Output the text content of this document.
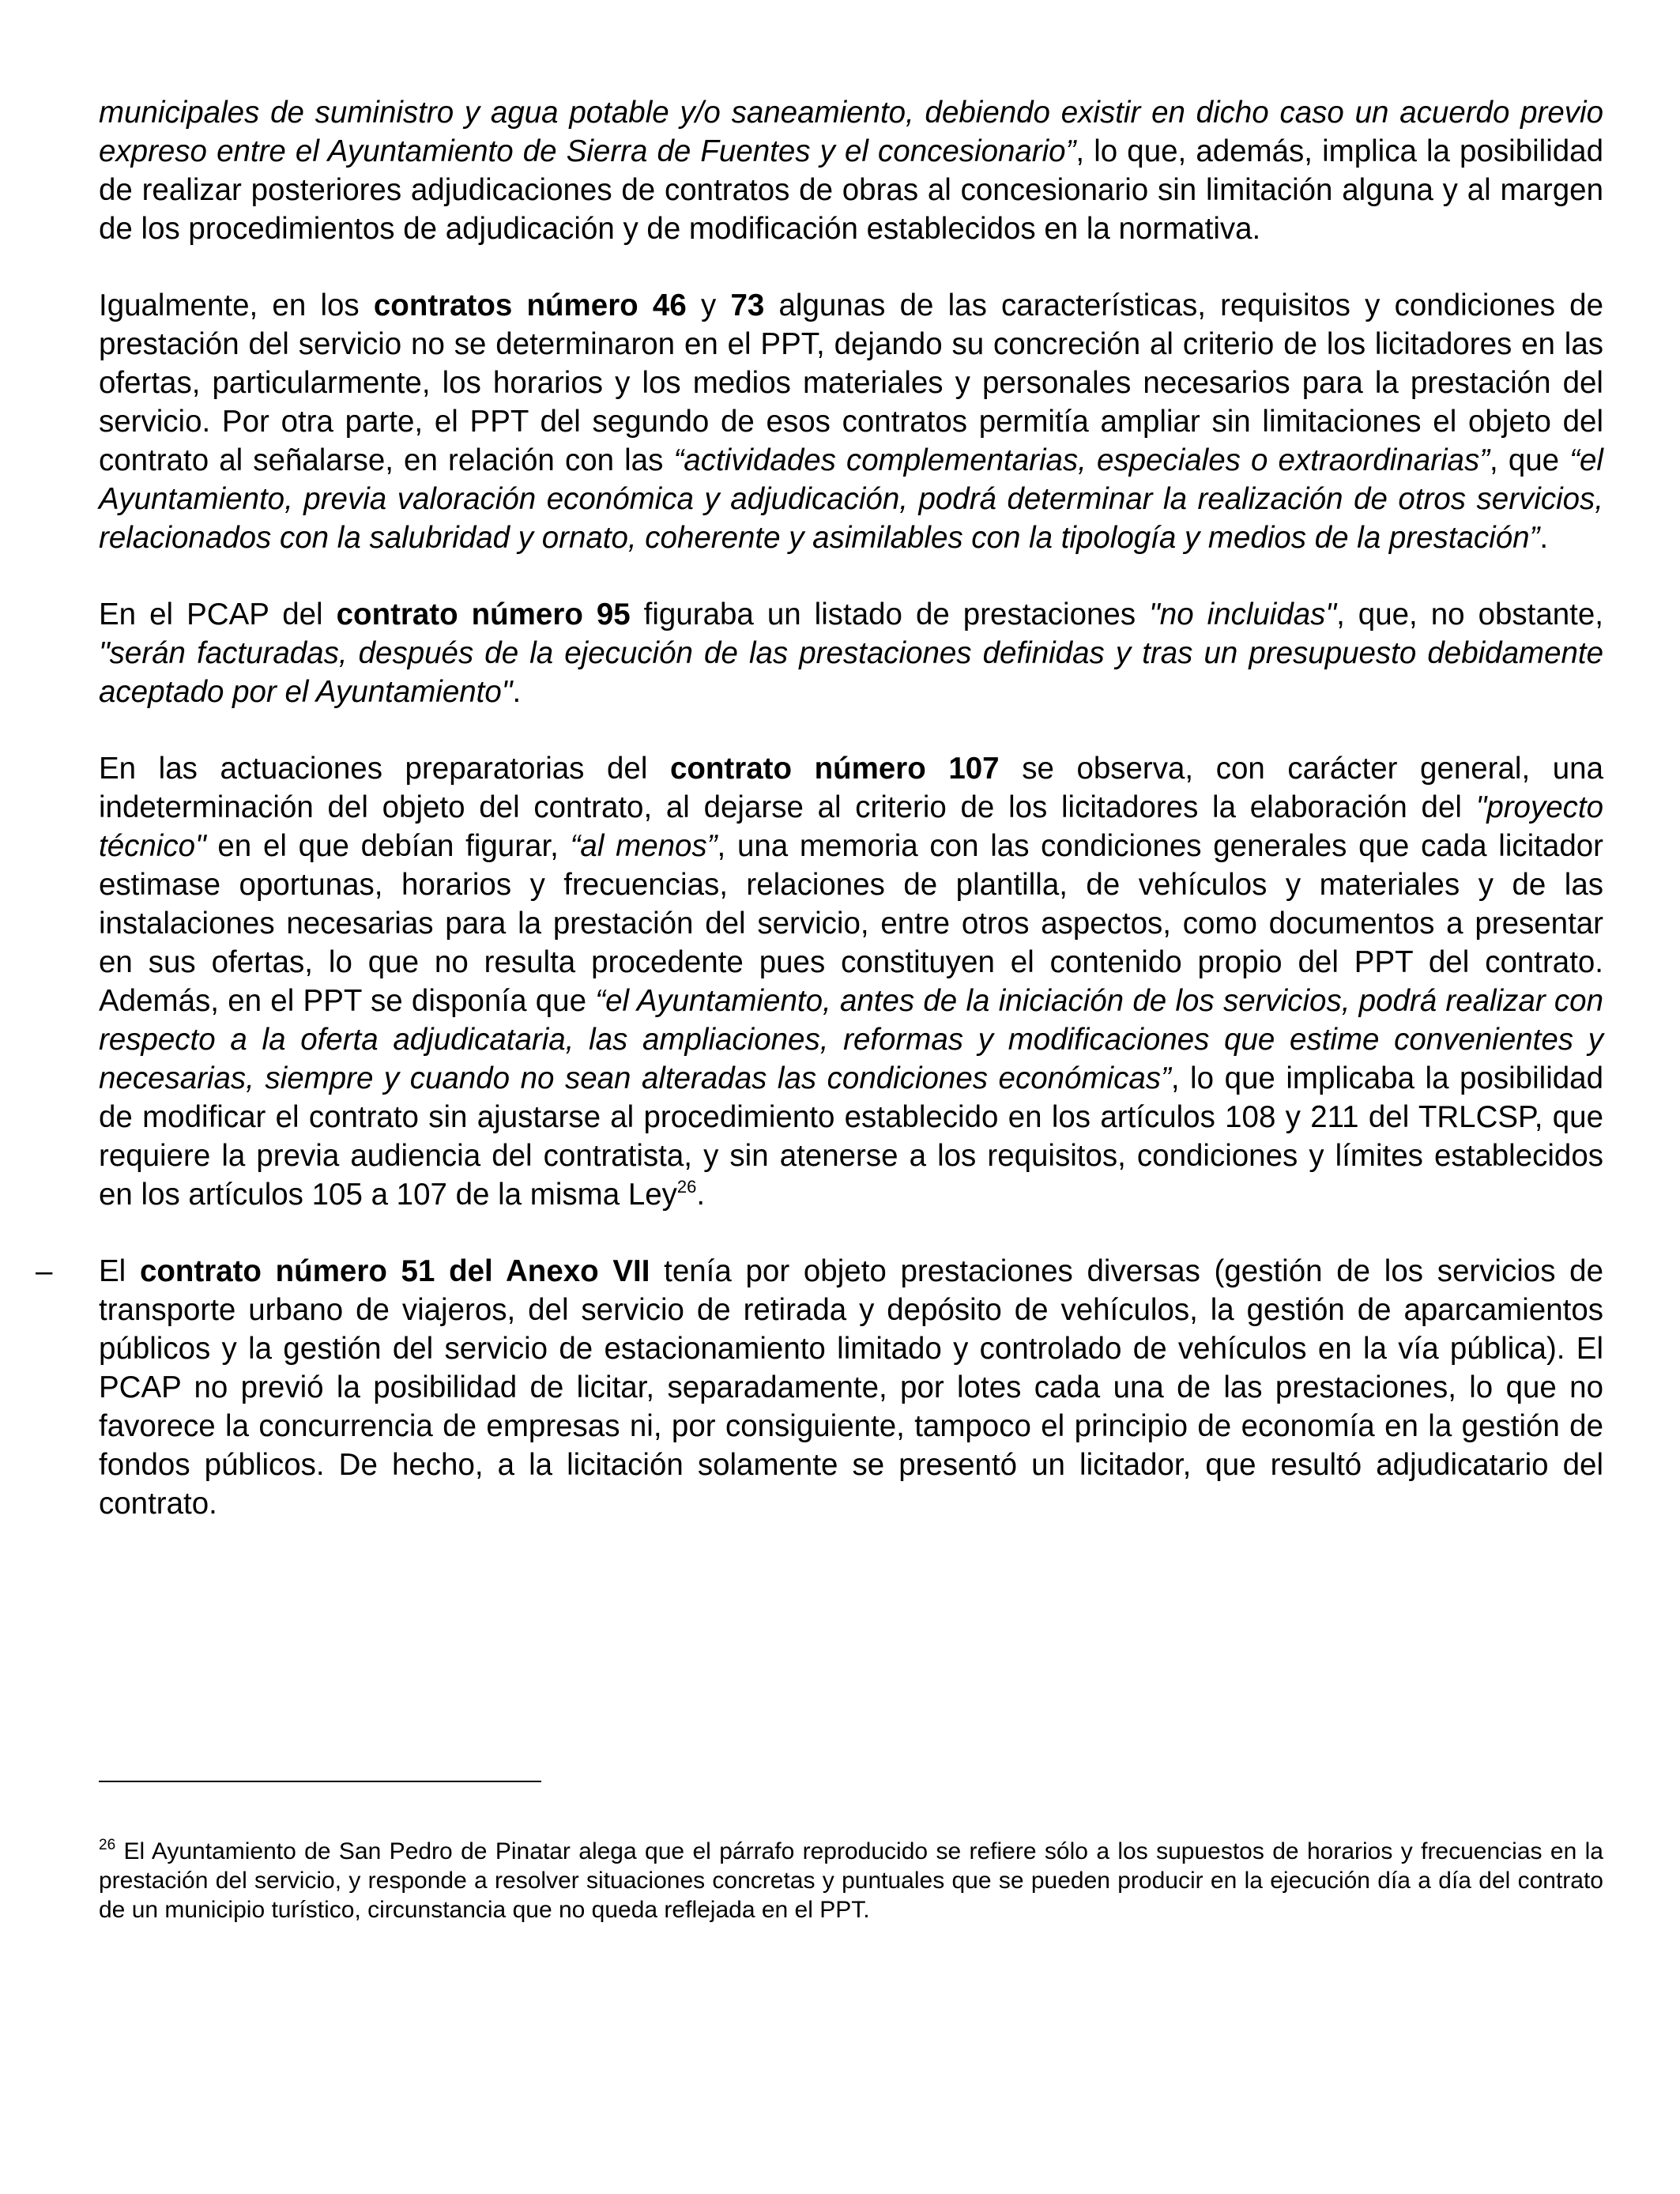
municipales de suministro y agua potable y/o saneamiento, debiendo existir en dicho caso un acuerdo previo expreso entre el Ayuntamiento de Sierra de Fuentes y el concesionario”, lo que, además, implica la posibilidad de realizar posteriores adjudicaciones de contratos de obras al concesionario sin limitación alguna y al margen de los procedimientos de adjudicación y de modificación establecidos en la normativa.

Igualmente, en los contratos número 46 y 73 algunas de las características, requisitos y condiciones de prestación del servicio no se determinaron en el PPT, dejando su concreción al criterio de los licitadores en las ofertas, particularmente, los horarios y los medios materiales y personales necesarios para la prestación del servicio. Por otra parte, el PPT del segundo de esos contratos permitía ampliar sin limitaciones el objeto del contrato al señalarse, en relación con las “actividades complementarias, especiales o extraordinarias”, que “el Ayuntamiento, previa valoración económica y adjudicación, podrá determinar la realización de otros servicios, relacionados con la salubridad y ornato, coherente y asimilables con la tipología y medios de la prestación”.

En el PCAP del contrato número 95 figuraba un listado de prestaciones "no incluidas", que, no obstante, "serán facturadas, después de la ejecución de las prestaciones definidas y tras un presupuesto debidamente aceptado por el Ayuntamiento".

En las actuaciones preparatorias del contrato número 107 se observa, con carácter general, una indeterminación del objeto del contrato, al dejarse al criterio de los licitadores la elaboración del "proyecto técnico" en el que debían figurar, “al menos”, una memoria con las condiciones generales que cada licitador estimase oportunas, horarios y frecuencias, relaciones de plantilla, de vehículos y materiales y de las instalaciones necesarias para la prestación del servicio, entre otros aspectos, como documentos a presentar en sus ofertas, lo que no resulta procedente pues constituyen el contenido propio del PPT del contrato. Además, en el PPT se disponía que “el Ayuntamiento, antes de la iniciación de los servicios, podrá realizar con respecto a la oferta adjudicataria, las ampliaciones, reformas y modificaciones que estime convenientes y necesarias, siempre y cuando no sean alteradas las condiciones económicas”, lo que implicaba la posibilidad de modificar el contrato sin ajustarse al procedimiento establecido en los artículos 108 y 211 del TRLCSP, que requiere la previa audiencia del contratista, y sin atenerse a los requisitos, condiciones y límites establecidos en los artículos 105 a 107 de la misma Ley$^{26}$.

– El contrato número 51 del Anexo VII tenía por objeto prestaciones diversas (gestión de los servicios de transporte urbano de viajeros, del servicio de retirada y depósito de vehículos, la gestión de aparcamientos públicos y la gestión del servicio de estacionamiento limitado y controlado de vehículos en la vía pública). El PCAP no previó la posibilidad de licitar, separadamente, por lotes cada una de las prestaciones, lo que no favorece la concurrencia de empresas ni, por consiguiente, tampoco el principio de economía en la gestión de fondos públicos. De hecho, a la licitación solamente se presentó un licitador, que resultó adjudicatario del contrato.

$^{26}$ El Ayuntamiento de San Pedro de Pinatar alega que el párrafo reproducido se refiere sólo a los supuestos de horarios y frecuencias en la prestación del servicio, y responde a resolver situaciones concretas y puntuales que se pueden producir en la ejecución día a día del contrato de un municipio turístico, circunstancia que no queda reflejada en el PPT.
